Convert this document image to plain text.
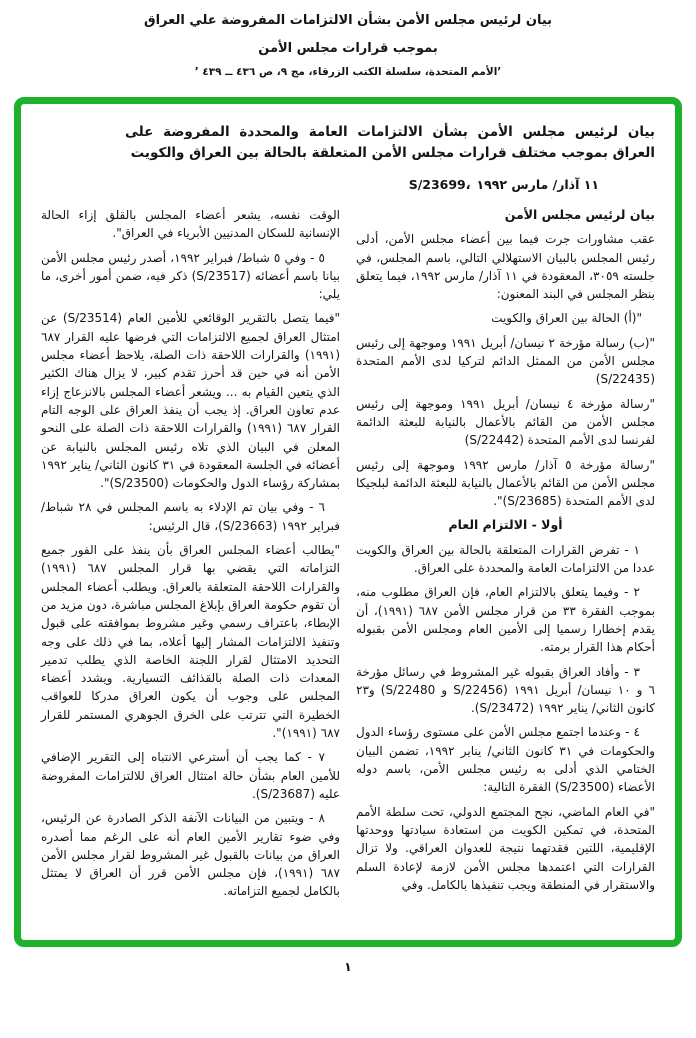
بيان لرئيس مجلس الأمن بشأن الالتزامات المفروضة علي العراق
بموجب قرارات مجلس الأمن
’الأمم المتحدة، سلسلة الكتب الزرقاء، مج ٩، ص ٤٣٦ ــ ٤٣٩ ’
بيان لرئيس مجلس الأمن بشأن الالتزامات العامة والمحددة المفروضة على العراق بموجب مختلف قرارات مجلس الأمن المتعلقة بالحالة بين العراق والكويت
S/23699، ١١ آذار/ مارس ١٩٩٢

بيان لرئيس مجلس الأمن

عقب مشاورات جرت فيما بين أعضاء مجلس الأمن، أدلى رئيس المجلس بالبيان الاستهلالي التالي، باسم المجلس، في جلسته ٣٠٥٩، المعقودة في ١١ آذار/ مارس ١٩٩٢، فيما يتعلق بنظر المجلس في البند المعنون:

"(أ) الحالة بين العراق والكويت

"(ب) رسالة مؤرخة ٢ نيسان/ أبريل ١٩٩١ وموجهة إلى رئيس مجلس الأمن من الممثل الدائم لتركيا لدى الأمم المتحدة (S/22435)

"رسالة مؤرخة ٤ نيسان/ أبريل ١٩٩١ وموجهة إلى رئيس مجلس الأمن من القائم بالأعمال بالنيابة للبعثة الدائمة لفرنسا لدى الأمم المتحدة (S/22442)

"رسالة مؤرخة ٥ آذار/ مارس ١٩٩٢ وموجهة إلى رئيس مجلس الأمن من القائم بالأعمال بالنيابة للبعثة الدائمة لبلجيكا لدى الأمم المتحدة (S/23685)".

أولا - الالتزام العام

١ - تفرض القرارات المتعلقة بالحالة بين العراق والكويت عددا من الالتزامات العامة والمحددة على العراق.

٢ - وفيما يتعلق بالالتزام العام، فإن العراق مطلوب منه، بموجب الفقرة ٣٣ من قرار مجلس الأمن ٦٨٧ (١٩٩١)، أن يقدم إخطارا رسميا إلى الأمين العام ومجلس الأمن بقبوله أحكام هذا القرار برمته.

٣ - وأفاد العراق بقبوله غير المشروط في رسائل مؤرخة ٦ و ١٠ نيسان/ أبريل ١٩٩١ (S/22456 و S/22480) و٢٣ كانون الثاني/ يناير ١٩٩٢ (S/23472).

٤ - وعندما اجتمع مجلس الأمن على مستوى رؤساء الدول والحكومات في ٣١ كانون الثاني/ يناير ١٩٩٢، تضمن البيان الختامي الذي أدلى به رئيس مجلس الأمن، باسم دوله الأعضاء (S/23500) الفقرة التالية:

"في العام الماضي، نجح المجتمع الدولي، تحت سلطة الأمم المتحدة، في تمكين الكويت من استعادة سيادتها ووحدتها الإقليمية، اللتين فقدتهما نتيجة للعدوان العراقي. ولا تزال القرارات التي اعتمدها مجلس الأمن لازمة لإعادة السلم والاستقرار في المنطقة ويجب تنفيذها بالكامل. وفي

الوقت نفسه، يشعر أعضاء المجلس بالقلق إزاء الحالة الإنسانية للسكان المدنيين الأبرياء في العراق".

٥ - وفي ٥ شباط/ فبراير ١٩٩٢، أصدر رئيس مجلس الأمن بيانا باسم أعضائه (S/23517) ذكر فيه، ضمن أمور أخرى، ما يلي:

"فيما يتصل بالتقرير الوقائعي للأمين العام (S/23514) عن امتثال العراق لجميع الالتزامات التي فرضها عليه القرار ٦٨٧ (١٩٩١) والقرارات اللاحقة ذات الصلة، يلاحظ أعضاء مجلس الأمن أنه في حين قد أحرز تقدم كبير، لا يزال هناك الكثير الذي يتعين القيام به ... ويشعر أعضاء المجلس بالانزعاج إزاء عدم تعاون العراق. إذ يجب أن ينفذ العراق على الوجه التام القرار ٦٨٧ (١٩٩١) والقرارات اللاحقة ذات الصلة على النحو المعلن في البيان الذي تلاه رئيس المجلس بالنيابة عن أعضائه في الجلسة المعقودة في ٣١ كانون الثاني/ يناير ١٩٩٢ بمشاركة رؤساء الدول والحكومات (S/23500)".

٦ - وفي بيان تم الإدلاء به باسم المجلس في ٢٨ شباط/ فبراير ١٩٩٢ (S/23663)، قال الرئيس:

"يطالب أعضاء المجلس العراق بأن ينفذ على الفور جميع التزاماته التي يقضي بها قرار المجلس ٦٨٧ (١٩٩١) والقرارات اللاحقة المتعلقة بالعراق. ويطلب أعضاء المجلس أن تقوم حكومة العراق بإبلاغ المجلس مباشرة، دون مزيد من الإبطاء، باعتراف رسمي وغير مشروط بموافقته على قبول وتنفيذ الالتزامات المشار إليها أعلاه، بما في ذلك على وجه التحديد الامتثال لقرار اللجنة الخاصة الذي يطلب تدمير المعدات ذات الصلة بالقذائف التسيارية. ويشدد أعضاء المجلس على وجوب أن يكون العراق مدركا للعواقب الخطيرة التي تترتب على الخرق الجوهري المستمر للقرار ٦٨٧ (١٩٩١)".

٧ - كما يجب أن أسترعي الانتباه إلى التقرير الإضافي للأمين العام بشأن حالة امتثال العراق للالتزامات المفروضة عليه (S/23687).

٨ - ويتبين من البيانات الآنفة الذكر الصادرة عن الرئيس، وفي ضوء تقارير الأمين العام أنه على الرغم مما أصدره العراق من بيانات بالقبول غير المشروط لقرار مجلس الأمن ٦٨٧ (١٩٩١)، فإن مجلس الأمن قرر أن العراق لا يمتثل بالكامل لجميع التزاماته.

١
